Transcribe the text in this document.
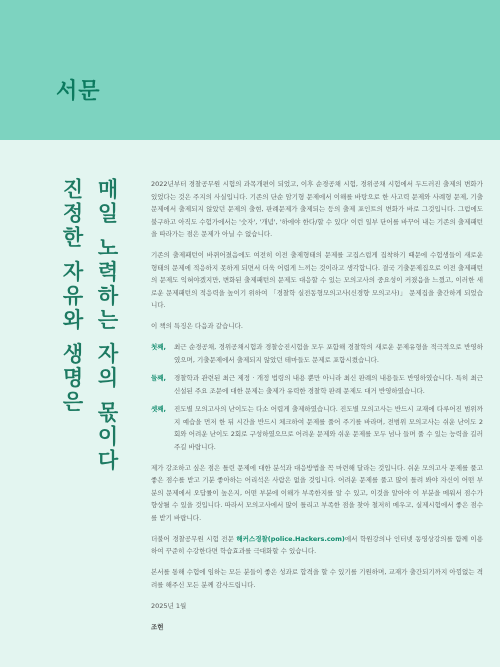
서문
매일 노력하는 자의 몫이다
진정한 자유와 생명은	2022년부터 경찰공무원 시험의 과목개편이 되었고, 이후 순경공채 시험, 경위공채 시험에서 두드러진 출제의 변화가 있었다는 것은 주지의 사실입니다. 기존의 단순 암기형 문제에서 이해를 바탕으로 한 사고력 문제와 사례형 문제, 기출문제에서 출제되지 않았던 문제의 출현, 판례문제가 출제되는 등의 출제 포인트의 변화가 바로 그것입니다. 그럼에도 불구하고 아직도 수험가에서는 '숫자', '개념', '하에야 한다/할 수 있다' 이런 일부 단어를 바꾸어 내는 기존의 출제패턴을 따라가는 점은 문제가 아닐 수 없습니다.

기존의 출제패턴이 바뀌어졌음에도 여전히 이전 출제형태의 문제를 고집스럽게 집착하기 때문에 수험생들이 새로운 형태의 문제에 적응하지 못하게 되면서 더욱 어렵게 느끼는 것이라고 생각합니다. 결국 기출문제집으로 이전 출제패턴의 문제도 익혀야겠지만, 변화된 출제패턴의 문제도 대응할 수 있는 모의고사의 중요성이 커졌음을 느꼈고, 이러한 새로운 문제패턴의 적응력을 높이기 위하여 「경찰학 실전동형모의고사(신경향 모의고사)」 문제집을 출간하게 되었습니다.

이 책의 특징은 다음과 같습니다.

첫째,	최근 순경공채, 경위공채시험과 경찰승진시험을 모두 포함해 경찰학의 새로운 문제유형을 적극적으로 반영하였으며, 기출문제에서 출제되지 않았던 테마들도 문제로 포함시켰습니다.
둘째,	경찰학과 관련된 최근 제정 · 개정 법령의 내용 뿐만 아니라 최신 판례의 내용들도 반영하였습니다. 특히 최근 신설된 주요 조문에 대한 문제는 출제가 유력한 경찰학 판례 문제도 대거 반영하였습니다.
셋째,	진도별 모의고사의 난이도는 다소 어렵게 출제하였습니다. 진도별 모의고사는 반드시 교재에 다루어진 범위까지 예습을 먼저 한 뒤 시간을 반드시 체크하여 문제를 풀어 주기를 바라며, 전범위 모의고사는 쉬운 난이도 2회와 어려운 난이도 2회로 구성하였으므로 어려운 문제와 쉬운 문제를 모두 넘나 들며 풀 수 있는 능력을 길러 주길 바랍니다.

제가 강조하고 싶은 점은 틀린 문제에 대한 분석과 대응방법을 꼭 마련해 달라는 것입니다. 쉬운 모의고사 문제를 풀고 좋은 점수를 받고 기분 좋아하는 어리석은 사람은 없을 것입니다. 어려운 문제를 풀고 많이 틀려 봐야 자신이 어떤 부분의 문제에서 오답률이 높은지, 어떤 부분에 이해가 부족한지를 알 수 있고, 이것을 알아야 이 부분을 메워서 점수가 향상될 수 있을 것입니다. 따라서 모의고사에서 많이 틀리고 부족한 점을 찾아 철저히 메우고, 실제시험에서 좋은 점수를 받기 바랍니다.

더불어 경찰공무원 시험 전문 해커스경찰(police.Hackers.com)에서 학원강의나 인터넷 동영상강의를 함께 이용하여 꾸준히 수강한다면 학습효과를 극대화할 수 있습니다.

본서를 통해 수험에 임하는 모든 분들이 좋은 성과로 합격을 할 수 있기를 기원하며, 교재가 출간되기까지 아낌없는 격려를 해주신 모든 분께 감사드립니다.

2025년 1월

조현
